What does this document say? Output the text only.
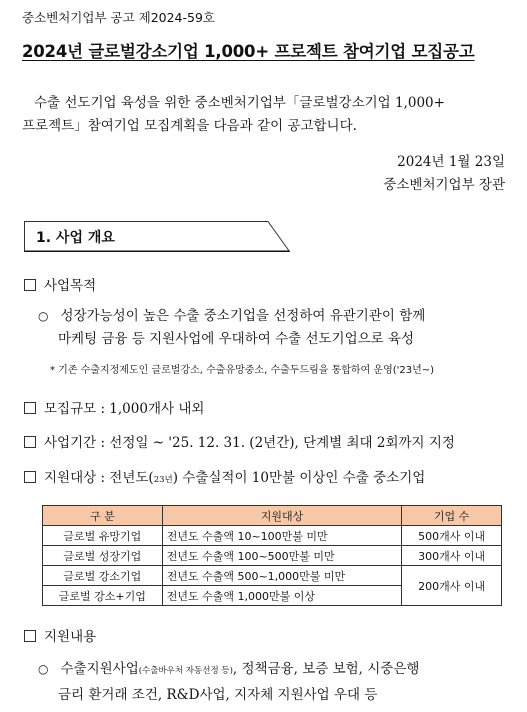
중소벤처기업부 공고 제2024-59호
2024년 글로벌강소기업 1,000+ 프로젝트 참여기업 모집공고
수출 선도기업 육성을 위한 중소벤처기업부「글로벌강소기업 1,000+
프로젝트」참여기업 모집계획을 다음과 같이 공고합니다.
2024년 1월 23일
중소벤처기업부 장관
1. 사업 개요
사업목적
○ 성장가능성이 높은 수출 중소기업을 선정하여 유관기관이 함께
마케팅 금융 등 지원사업에 우대하여 수출 선도기업으로 육성
* 기존 수출지정제도인 글로벌강소, 수출유망중소, 수출두드림을 통합하여 운영('23년~)
모집규모 : 1,000개사 내외
사업기간 : 선정일 ~ '25. 12. 31. (2년간), 단계별 최대 2회까지 지정
지원대상 : 전년도(23년) 수출실적이 10만불 이상인 수출 중소기업
구 분	지원대상	기업 수
글로벌 유망기업	전년도 수출액 10~100만불 미만	500개사 이내
글로벌 성장기업	전년도 수출액 100~500만불 미만	300개사 이내
글로벌 강소기업	전년도 수출액 500~1,000만불 미만	200개사 이내
글로벌 강소+기업	전년도 수출액 1,000만불 이상	
지원내용
○ 수출지원사업(수출바우처 자동선정 등), 정책금융, 보증 보험, 시중은행
금리 환거래 조건, R&D사업, 지자체 지원사업 우대 등
